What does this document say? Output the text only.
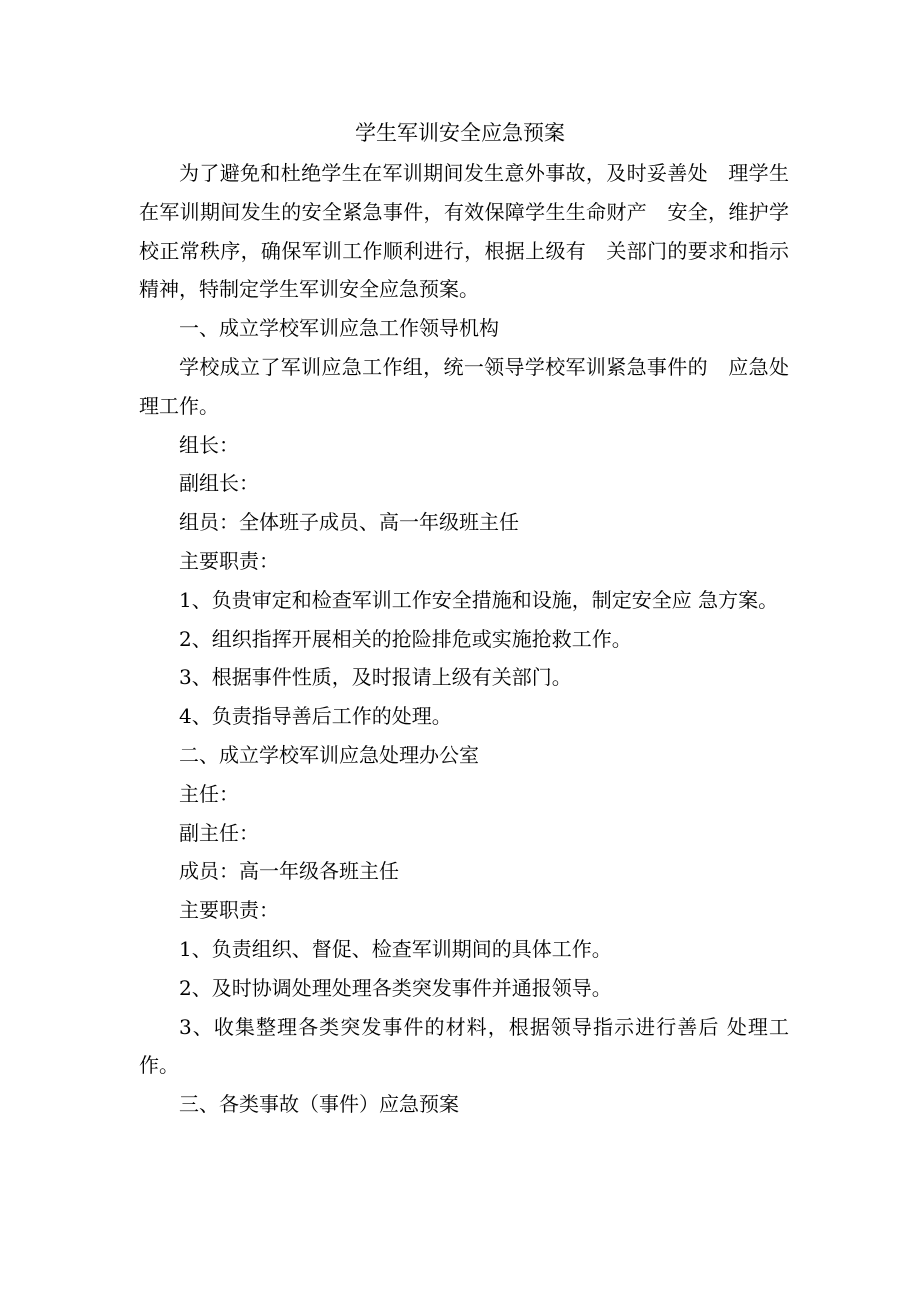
学生军训安全应急预案

为了避免和杜绝学生在军训期间发生意外事故，及时妥善处　理学生在军训期间发生的安全紧急事件，有效保障学生生命财产　安全，维护学校正常秩序，确保军训工作顺利进行，根据上级有　关部门的要求和指示精神，特制定学生军训安全应急预案。

一、成立学校军训应急工作领导机构

学校成立了军训应急工作组，统一领导学校军训紧急事件的　应急处理工作。

组长：

副组长：

组员：全体班子成员、高一年级班主任

主要职责：

1、负贵审定和检查军训工作安全措施和设施，制定安全应 急方案。

2、组织指挥开展相关的抢险排危或实施抢救工作。

3、根据事件性质，及时报请上级有关部门。

4、负责指导善后工作的处理。

二、成立学校军训应急处理办公室

主任：

副主任：

成员：高一年级各班主任

主要职责：

1、负责组织、督促、检查军训期间的具体工作。

2、及时协调处理处理各类突发事件并通报领导。

3、收集整理各类突发事件的材料，根据领导指示进行善后 处理工作。

三、各类事故（事件）应急预案
